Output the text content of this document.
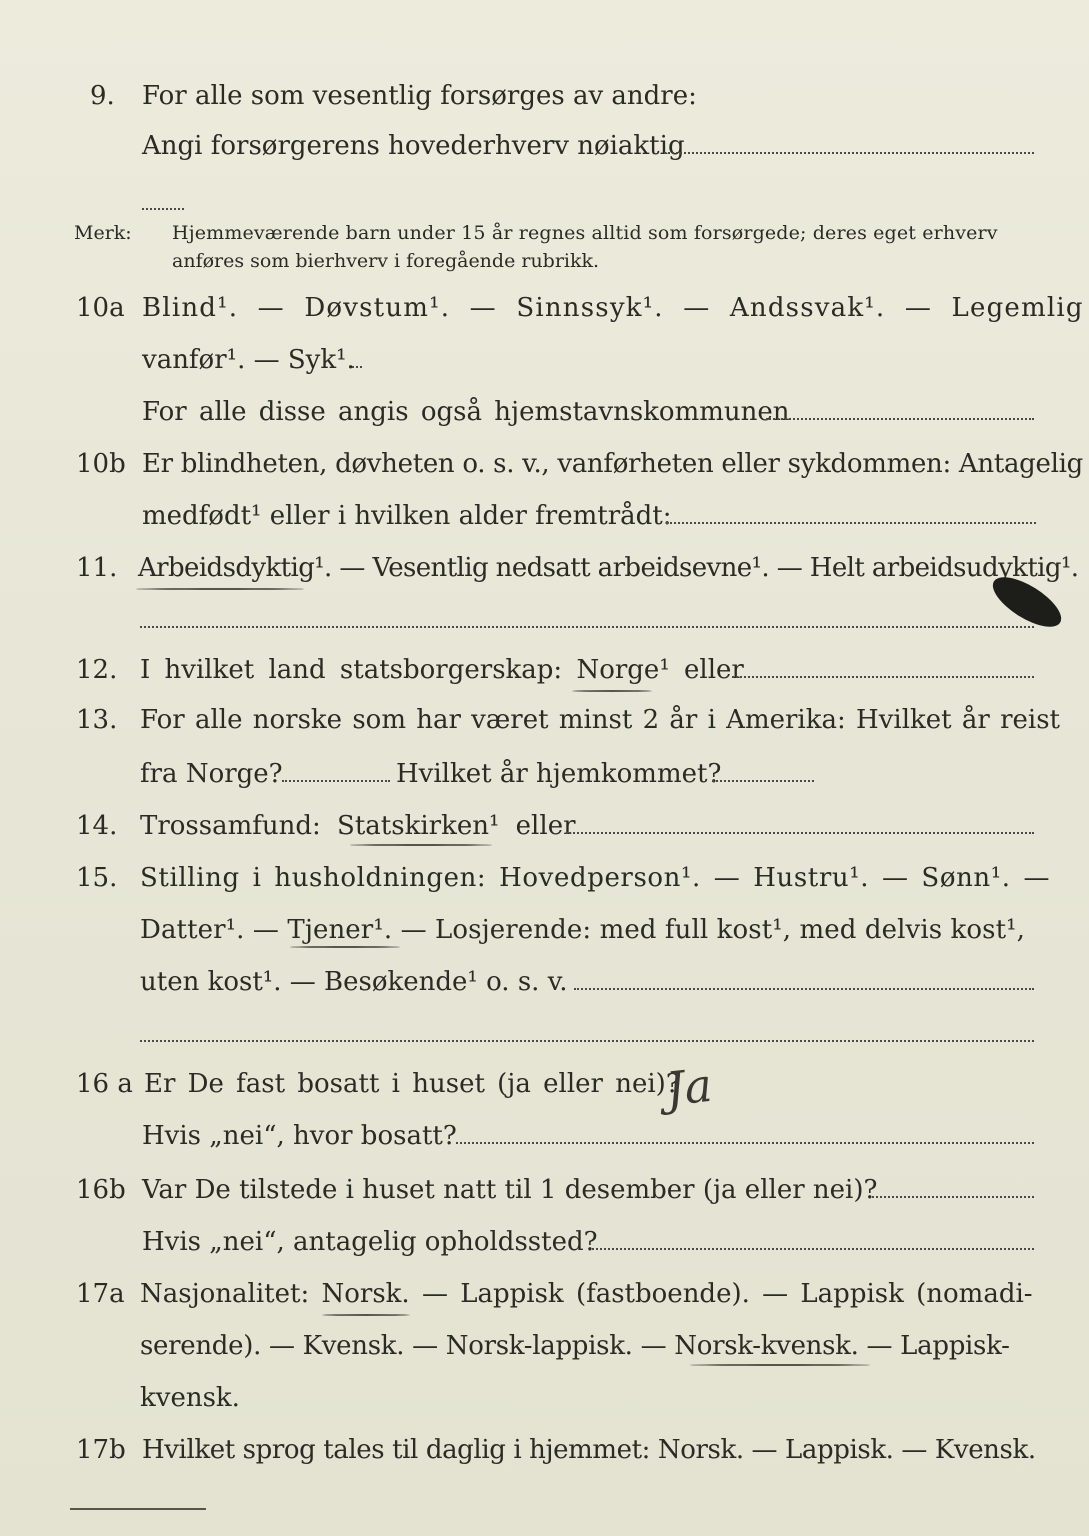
9. For alle som vesentlig forsørges av andre:
Angi forsørgerens hovederhverv nøiaktig
Merk: Hjemmeværende barn under 15 år regnes alltid som forsørgede; deres eget erhverv
anføres som bierhverv i foregående rubrikk.
10a Blind¹. — Døvstum¹. — Sinnssyk¹. — Andssvak¹. — Legemlig
vanfør¹. — Syk¹.
For alle disse angis også hjemstavnskommunen
10b Er blindheten, døvheten o. s. v., vanførheten eller sykdommen: Antagelig
medfødt¹ eller i hvilken alder fremtrådt:
11. Arbeidsdyktig¹. — Vesentlig nedsatt arbeidsevne¹. — Helt arbeidsudyktig¹.
12. I hvilket land statsborgerskap: Norge¹ eller
13. For alle norske som har været minst 2 år i Amerika: Hvilket år reist
fra Norge?	Hvilket år hjemkommet?
14. Trossamfund: Statskirken¹ eller
15. Stilling i husholdningen: Hovedperson¹. — Hustru¹. — Sønn¹. —
Datter¹. — Tjener¹. — Losjerende: med full kost¹, med delvis kost¹,
uten kost¹. — Besøkende¹ o. s. v.
16 a Er De fast bosatt i huset (ja eller nei)?
Ja
Hvis „nei“, hvor bosatt?
16b Var De tilstede i huset natt til 1 desember (ja eller nei)?
Hvis „nei“, antagelig opholdssted?
17a Nasjonalitet: Norsk. — Lappisk (fastboende). — Lappisk (nomadi-
serende). — Kvensk. — Norsk-lappisk. — Norsk-kvensk. — Lappisk-
kvensk.
17b Hvilket sprog tales til daglig i hjemmet: Norsk. — Lappisk. — Kvensk.
